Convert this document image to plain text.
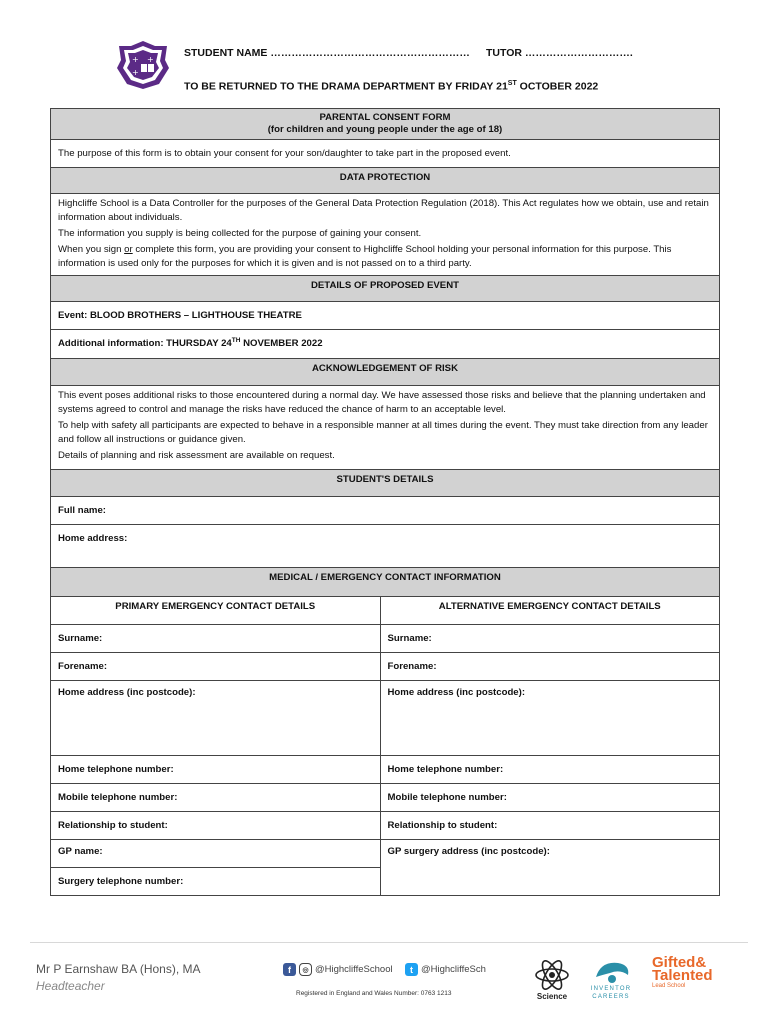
+ +
+
STUDENT NAME ………………………………………………… TUTOR ………………………….
TO BE RETURNED TO THE DRAMA DEPARTMENT BY FRIDAY 21ST OCTOBER 2022
PARENTAL CONSENT FORM
(for children and young people under the age of 18)	

The purpose of this form is to obtain your consent for your son/daughter to take part in the proposed event.	
DATA PROTECTION	

Highcliffe School is a Data Controller for the purposes of the General Data Protection Regulation (2018). This Act regulates how we obtain, use and retain information about individuals.

The information you supply is being collected for the purpose of gaining your consent.

When you sign or complete this form, you are providing your consent to Highcliffe School holding your personal information for this purpose. This information is used only for the purposes for which it is given and is not passed on to a third party.	

DETAILS OF PROPOSED EVENT	
Event: BLOOD BROTHERS – LIGHTHOUSE THEATRE	
Additional information: THURSDAY 24TH NOVEMBER 2022	
ACKNOWLEDGEMENT OF RISK	

This event poses additional risks to those encountered during a normal day. We have assessed those risks and believe that the planning undertaken and systems agreed to control and manage the risks have reduced the chance of harm to an acceptable level.

To help with safety all participants are expected to behave in a responsible manner at all times during the event. They must take direction from any leader and follow all instructions or guidance given.

Details of planning and risk assessment are available on request.	

STUDENT'S DETAILS	
Full name:	
Home address:	
MEDICAL / EMERGENCY CONTACT INFORMATION	
PRIMARY EMERGENCY CONTACT DETAILS	ALTERNATIVE EMERGENCY CONTACT DETAILS
Surname:	Surname:
Forename:	Forename:
Home address (inc postcode):	Home address (inc postcode):
Home telephone number:	Home telephone number:
Mobile telephone number:	Mobile telephone number:
Relationship to student:	Relationship to student:
GP name:	GP surgery address (inc postcode):
Surgery telephone number:	
Mr P Earnshaw BA (Hons), MA
Headteacher
f	◎ @HighcliffeSchool	t @HighcliffeSch
Registered in England and Wales Number: 0763 1213	Science
INVENTOR
CAREERS
Gifted&
Talented
Lead School
